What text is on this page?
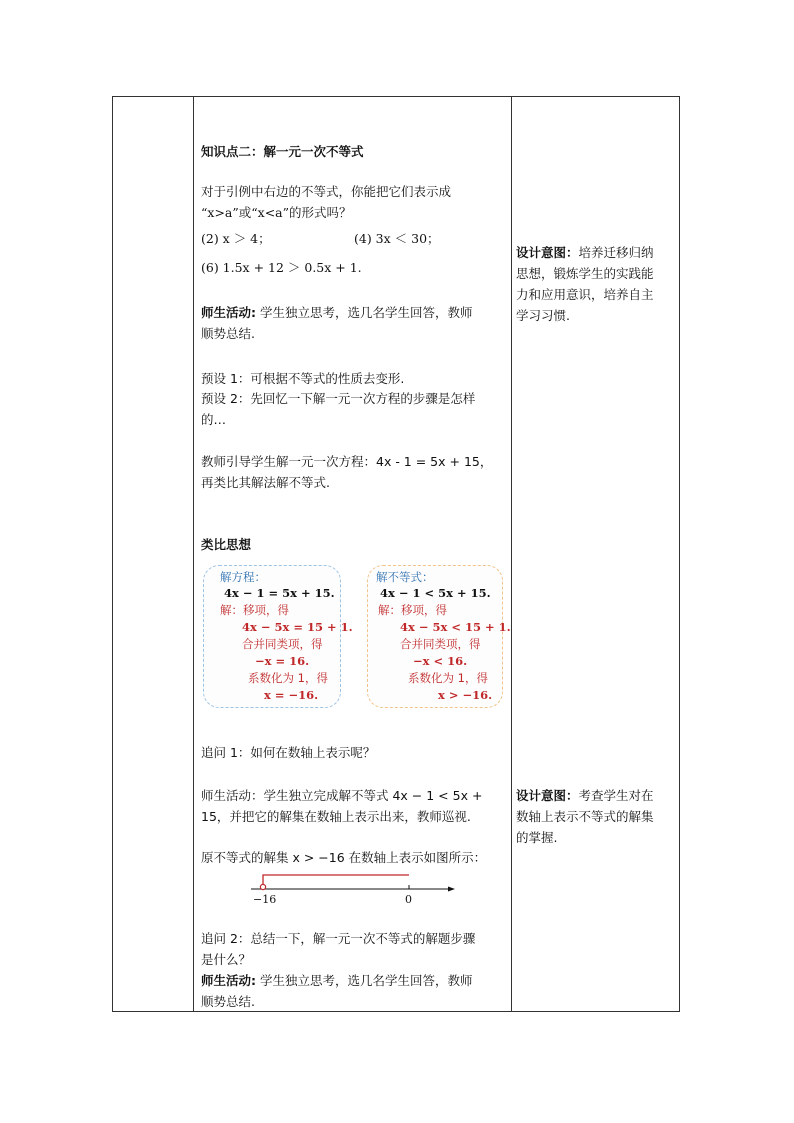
知识点二：解一元一次不等式
对于引例中右边的不等式，你能把它们表示成
“x>a”或“x<a”的形式吗？
(2) x ＞ 4；	(4) 3x ＜ 30；
(6) 1.5x + 12 ＞ 0.5x + 1.
师生活动: 学生独立思考，选几名学生回答，教师
顺势总结.
预设 1：可根据不等式的性质去变形.
预设 2：先回忆一下解一元一次方程的步骤是怎样
的…
教师引导学生解一元一次方程：4x - 1 = 5x + 15，
再类比其解法解不等式.
类比思想
解方程：
4x − 1 = 5x + 15.
解：移项，得
4x − 5x = 15 + 1.
合并同类项，得
−x = 16.
系数化为 1，得
x = −16.
解不等式：
4x − 1 < 5x + 15.
解：移项，得
4x − 5x < 15 + 1.
合并同类项，得
−x < 16.
系数化为 1，得
x > −16.
追问 1：如何在数轴上表示呢？
师生活动：学生独立完成解不等式 4x − 1 < 5x +
15，并把它的解集在数轴上表示出来，教师巡视.
原不等式的解集 x > −16 在数轴上表示如图所示：
−16	0
追问 2：总结一下，解一元一次不等式的解题步骤
是什么？
师生活动: 学生独立思考，选几名学生回答，教师
顺势总结.
设计意图：培养迁移归纳
思想，锻炼学生的实践能
力和应用意识，培养自主
学习习惯.
设计意图：考查学生对在
数轴上表示不等式的解集
的掌握.
